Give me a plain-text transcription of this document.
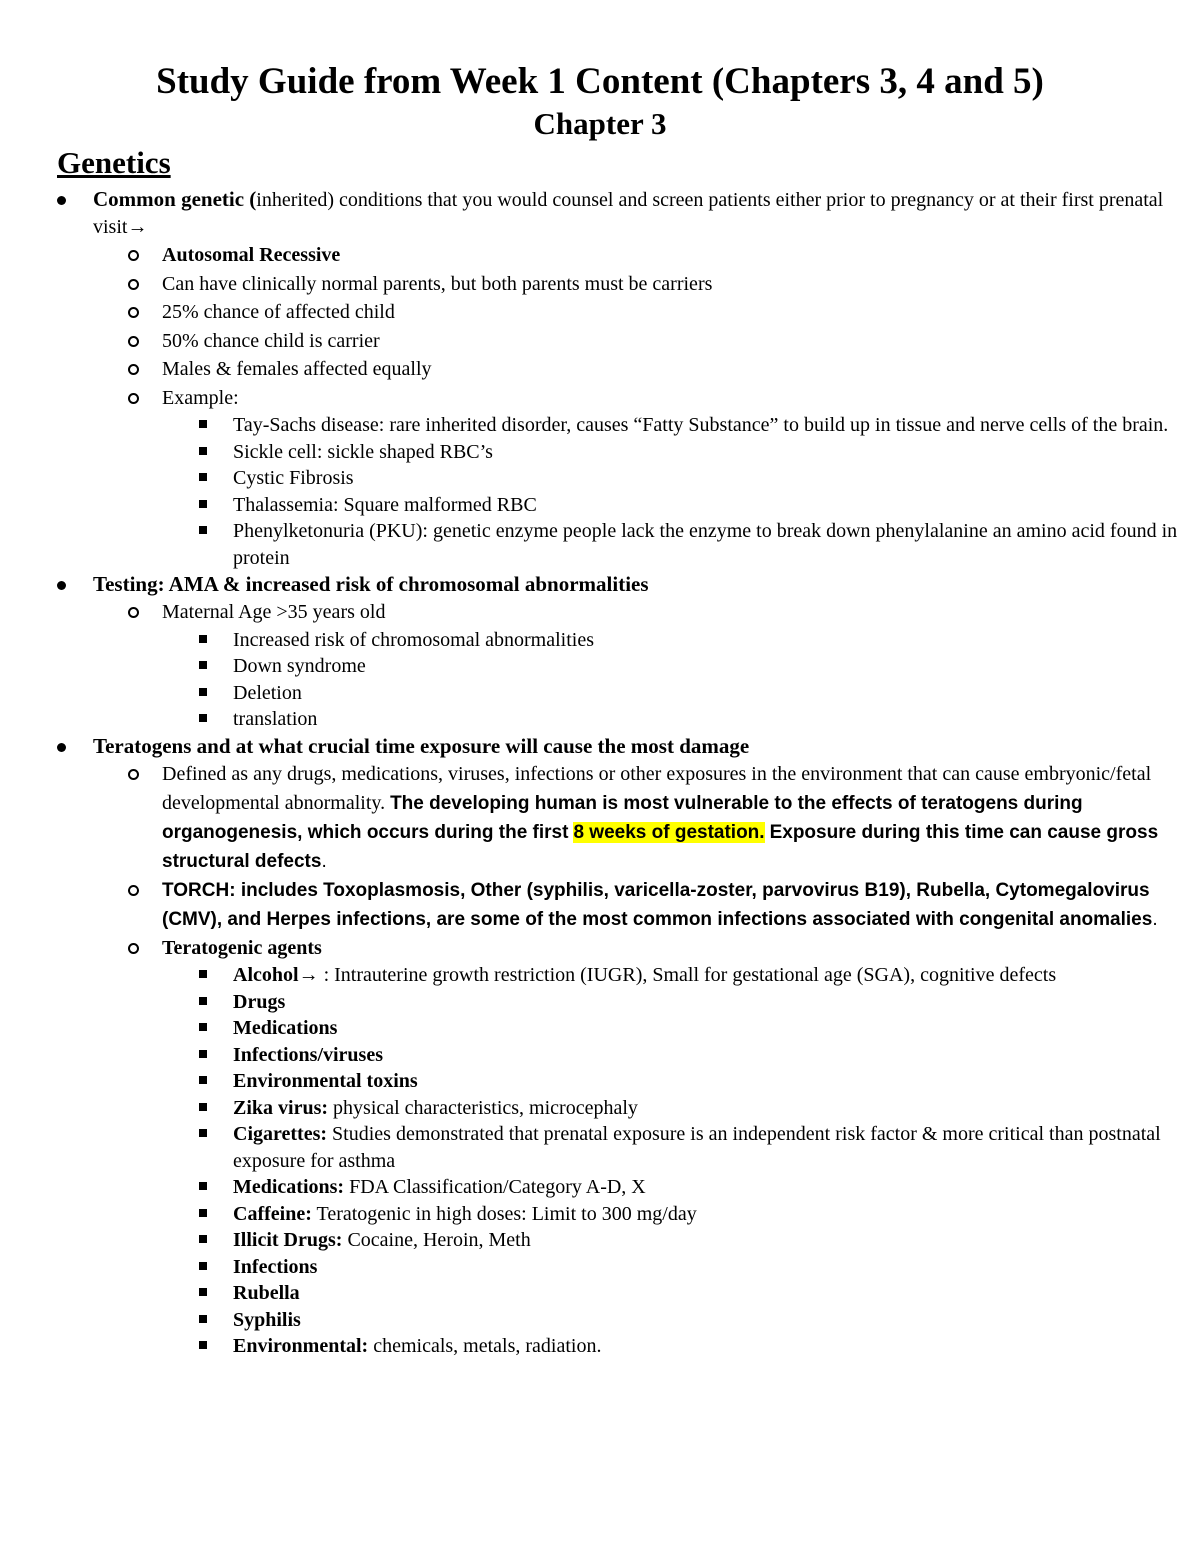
Study Guide from Week 1 Content (Chapters 3, 4 and 5)
Chapter 3
Genetics
Common genetic (inherited) conditions that you would counsel and screen patients either prior to pregnancy or at their first prenatal visit→
Autosomal Recessive
Can have clinically normal parents, but both parents must be carriers
25% chance of affected child
50% chance child is carrier
Males & females affected equally
Example:
Tay-Sachs disease: rare inherited disorder, causes “Fatty Substance” to build up in tissue and nerve cells of the brain.
Sickle cell: sickle shaped RBC’s
Cystic Fibrosis
Thalassemia: Square malformed RBC
Phenylketonuria (PKU): genetic enzyme people lack the enzyme to break down phenylalanine an amino acid found in protein
Testing: AMA & increased risk of chromosomal abnormalities
Maternal Age >35 years old
Increased risk of chromosomal abnormalities
Down syndrome
Deletion
translation
Teratogens and at what crucial time exposure will cause the most damage
Defined as any drugs, medications, viruses, infections or other exposures in the environment that can cause embryonic/fetal developmental abnormality. The developing human is most vulnerable to the effects of teratogens during organogenesis, which occurs during the first 8 weeks of gestation. Exposure during this time can cause gross structural defects.
TORCH: includes Toxoplasmosis, Other (syphilis, varicella-zoster, parvovirus B19), Rubella, Cytomegalovirus (CMV), and Herpes infections, are some of the most common infections associated with congenital anomalies.
Teratogenic agents
Alcohol→ : Intrauterine growth restriction (IUGR), Small for gestational age (SGA), cognitive defects
Drugs
Medications
Infections/viruses
Environmental toxins
Zika virus: physical characteristics, microcephaly
Cigarettes: Studies demonstrated that prenatal exposure is an independent risk factor & more critical than postnatal exposure for asthma
Medications: FDA Classification/Category A-D, X
Caffeine: Teratogenic in high doses: Limit to 300 mg/day
Illicit Drugs: Cocaine, Heroin, Meth
Infections
Rubella
Syphilis
Environmental: chemicals, metals, radiation.
